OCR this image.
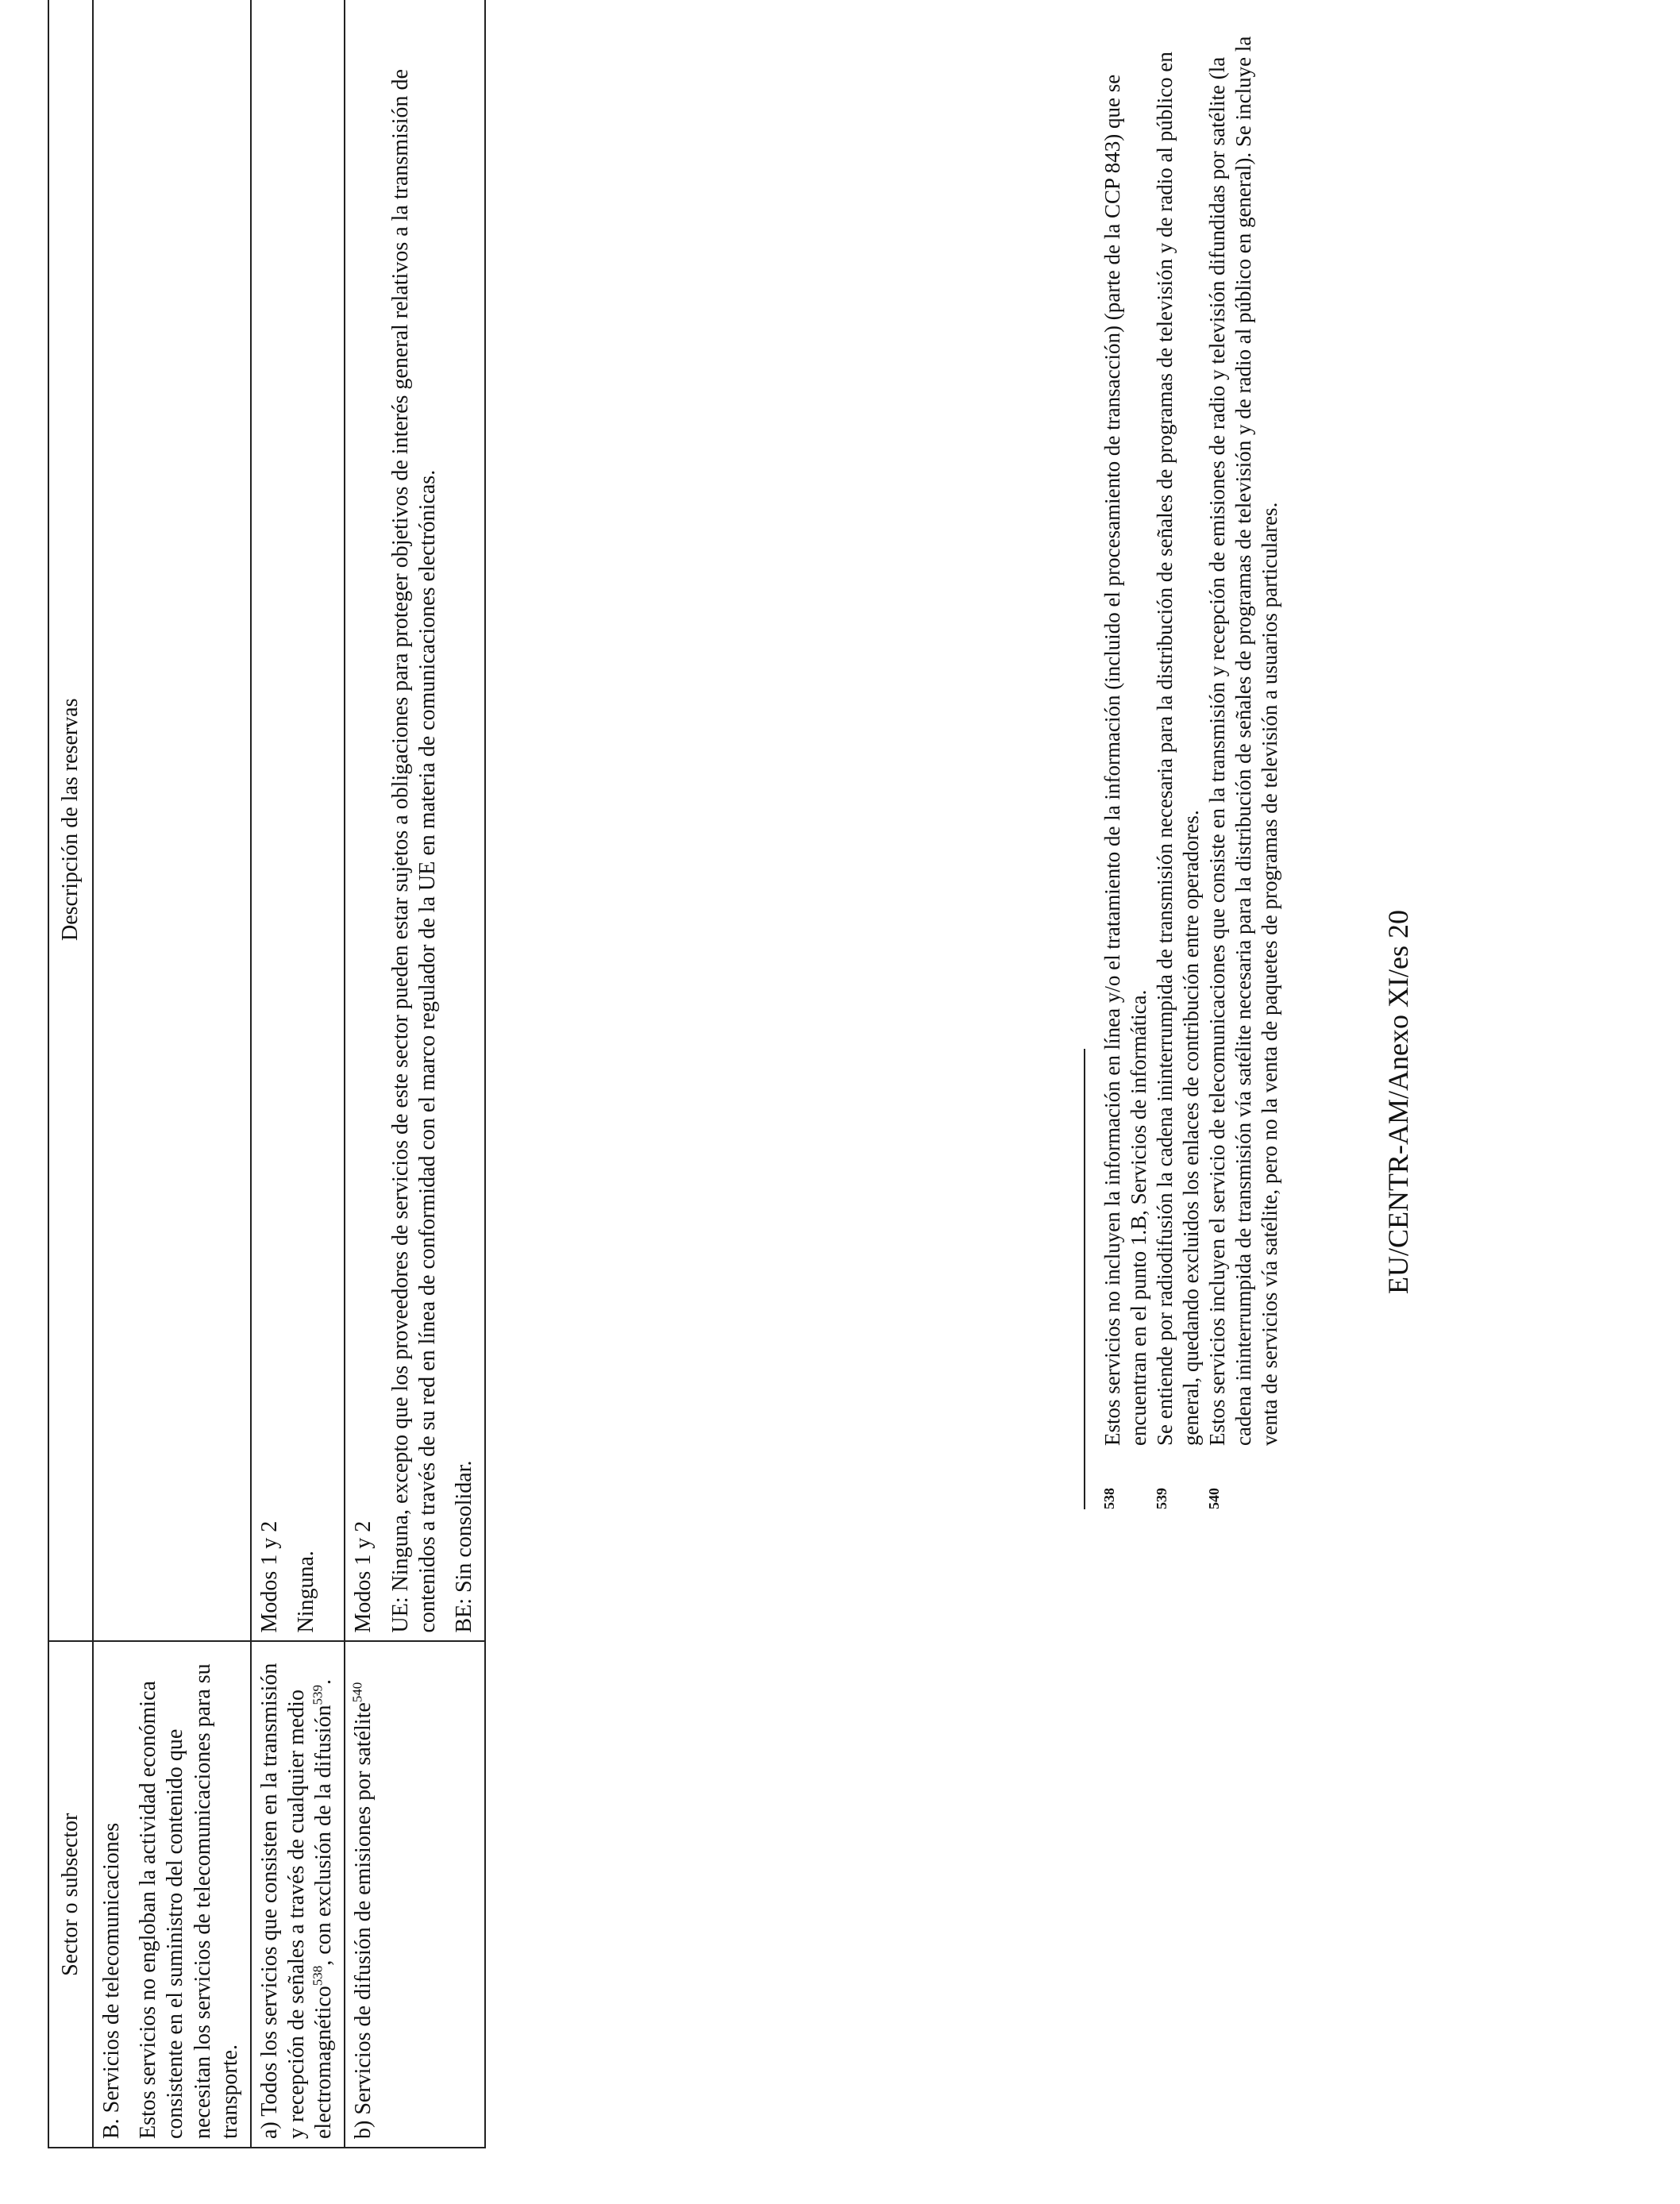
Sector o subsector	Descripción de las reservas

B. Servicios de telecomunicaciones Estos servicios no engloban la actividad económica consistente en el suministro del contenido que necesitan los servicios de telecomunicaciones para su transporte.	

a) Todos los servicios que consisten en la transmisión y recepción de señales a través de cualquier medio electromagnético$^{538}$, con exclusión de la difusión$^{539}$.	Modos 1 y 2 Ninguna.

b) Servicios de difusión de emisiones por satélite$^{540}$	Modos 1 y 2 UE: Ninguna, excepto que los proveedores de servicios de este sector pueden estar sujetos a obligaciones para proteger objetivos de interés general relativos a la transmisión de contenidos a través de su red en línea de conformidad con el marco regulador de la UE en materia de comunicaciones electrónicas. BE: Sin consolidar.	538
Estos servicios no incluyen la información en línea y/o el tratamiento de la información (incluido el procesamiento de transacción) (parte de la CCP 843) que se encuentran en el punto 1.B, Servicios de informática.
539
Se entiende por radiodifusión la cadena ininterrumpida de transmisión necesaria para la distribución de señales de programas de televisión y de radio al público en general, quedando excluidos los enlaces de contribución entre operadores.
540
Estos servicios incluyen el servicio de telecomunicaciones que consiste en la transmisión y recepción de emisiones de radio y televisión difundidas por satélite (la cadena ininterrumpida de transmisión vía satélite necesaria para la distribución de señales de programas de televisión y de radio al público en general). Se incluye la venta de servicios vía satélite, pero no la venta de paquetes de programas de televisión a usuarios particulares.	EU/CENTR-AM/Anexo XI/es 20
